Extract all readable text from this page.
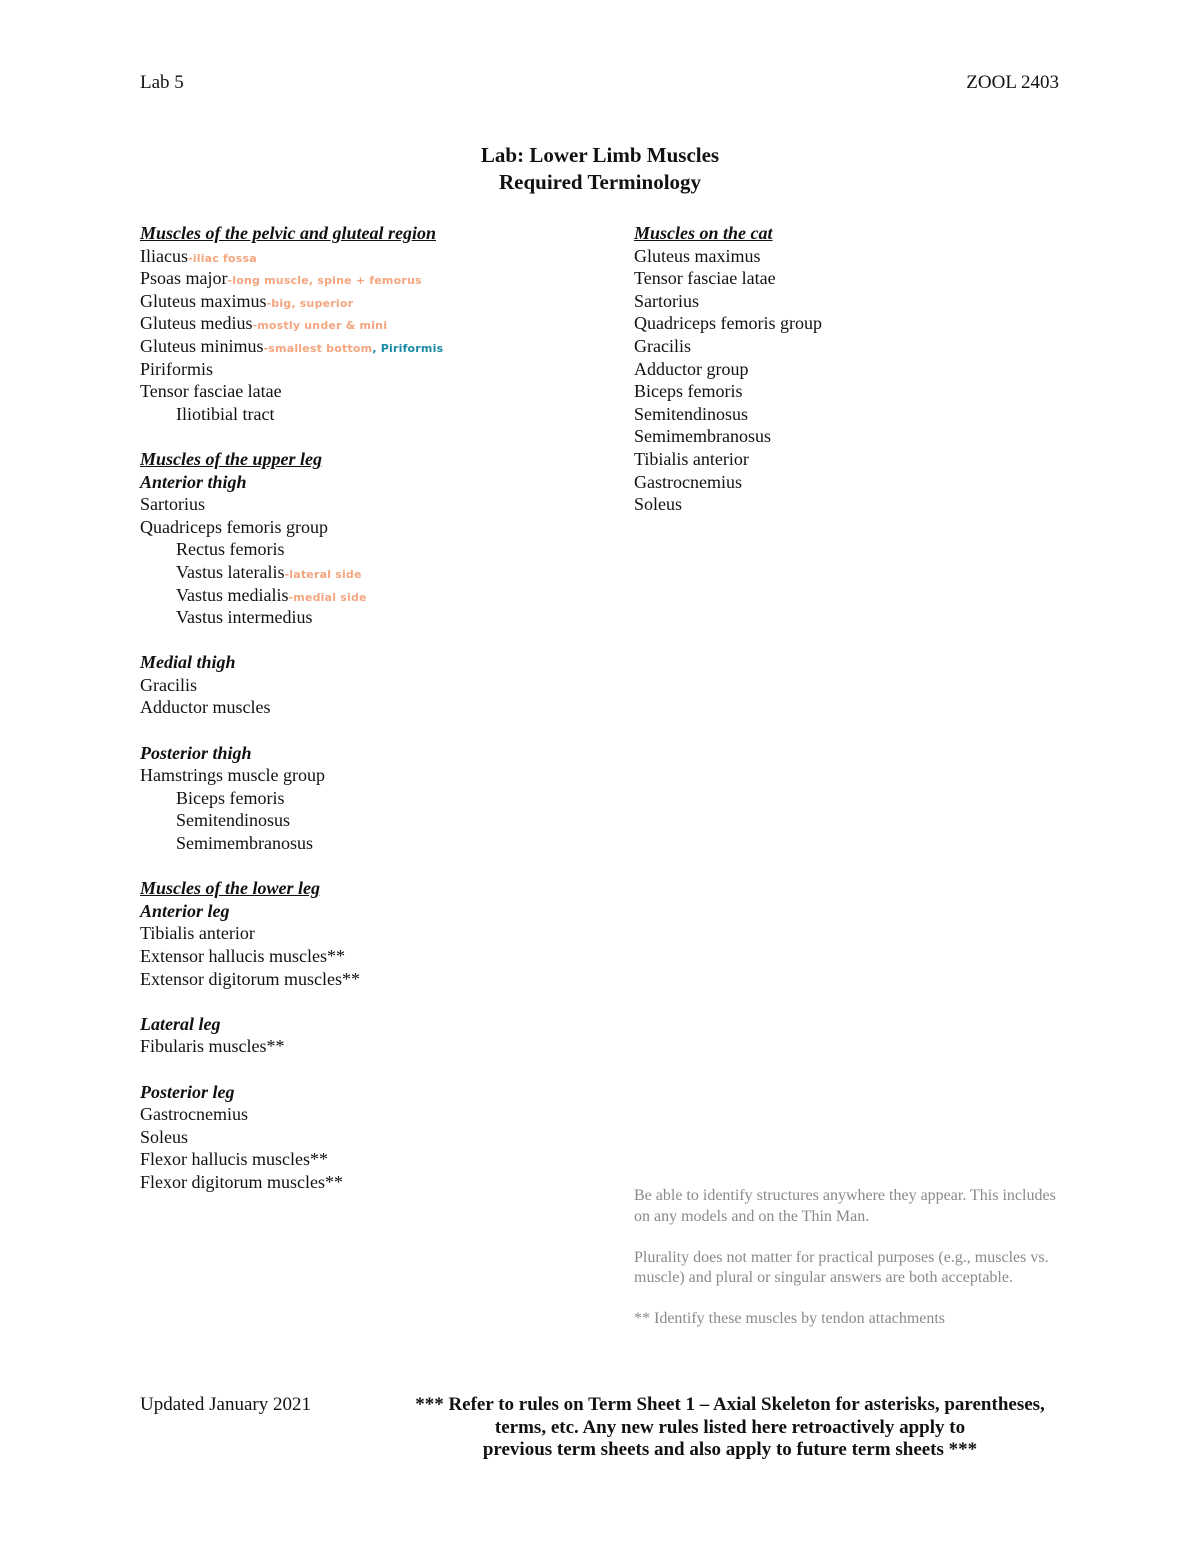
Lab 5	ZOOL 2403
Lab: Lower Limb Muscles
Required Terminology
Muscles of the pelvic and gluteal region
Iliacus-iliac fossa
Psoas major-long muscle, spine + femorus
Gluteus maximus-big, superior
Gluteus medius-mostly under & mini
Gluteus minimus-smallest bottom, Piriformis
Piriformis
Tensor fasciae latae
Iliotibial tract
Muscles of the upper leg
Anterior thigh
Sartorius
Quadriceps femoris group
Rectus femoris
Vastus lateralis-lateral side
Vastus medialis-medial side
Vastus intermedius
Medial thigh
Gracilis
Adductor muscles
Posterior thigh
Hamstrings muscle group
Biceps femoris
Semitendinosus
Semimembranosus
Muscles of the lower leg
Anterior leg
Tibialis anterior
Extensor hallucis muscles**
Extensor digitorum muscles**
Lateral leg
Fibularis muscles**
Posterior leg
Gastrocnemius
Soleus
Flexor hallucis muscles**
Flexor digitorum muscles**
Muscles on the cat
Gluteus maximus
Tensor fasciae latae
Sartorius
Quadriceps femoris group
Gracilis
Adductor group
Biceps femoris
Semitendinosus
Semimembranosus
Tibialis anterior
Gastrocnemius
Soleus

Be able to identify structures anywhere they appear. This includes on any models and on the Thin Man.

Plurality does not matter for practical purposes (e.g., muscles vs. muscle) and plural or singular answers are both acceptable.

** Identify these muscles by tendon attachments

Updated January 2021	*** Refer to rules on Term Sheet 1 – Axial Skeleton for asterisks, parentheses,
terms, etc. Any new rules listed here retroactively apply to
previous term sheets and also apply to future term sheets ***
